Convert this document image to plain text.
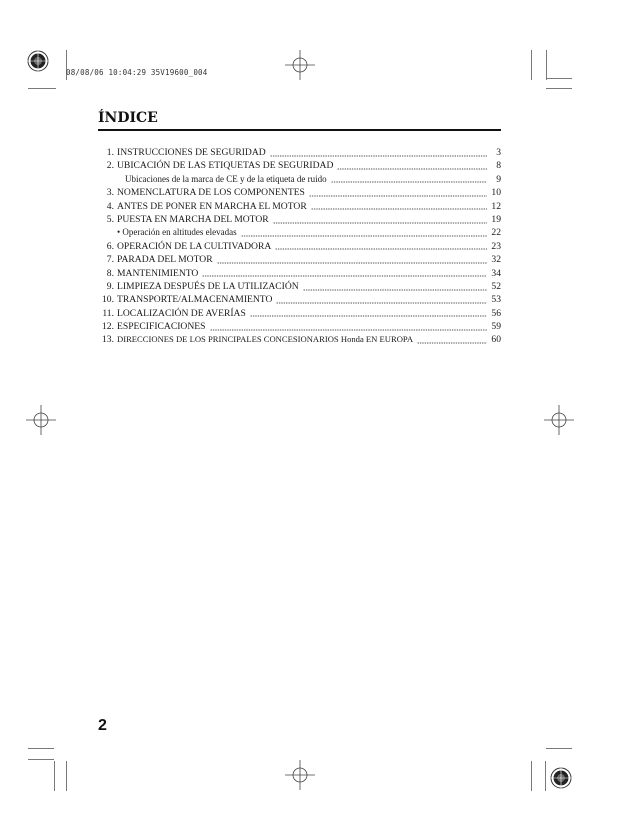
08/08/06 10:04:29 35V19600_004
ÍNDICE
1. INSTRUCCIONES DE SEGURIDAD	3
2. UBICACIÓN DE LAS ETIQUETAS DE SEGURIDAD	8
Ubicaciones de la marca de CE y de la etiqueta de ruido	9
3. NOMENCLATURA DE LOS COMPONENTES	10
4. ANTES DE PONER EN MARCHA EL MOTOR	12
5. PUESTA EN MARCHA DEL MOTOR	19
• Operación en altitudes elevadas	22
6. OPERACIÓN DE LA CULTIVADORA	23
7. PARADA DEL MOTOR	32
8. MANTENIMIENTO	34
9. LIMPIEZA DESPUÉS DE LA UTILIZACIÓN	52
10. TRANSPORTE/ALMACENAMIENTO	53
11. LOCALIZACIÓN DE AVERÍAS	56
12. ESPECIFICACIONES	59
13. DIRECCIONES DE LOS PRINCIPALES CONCESIONARIOS Honda EN EUROPA	60
2
